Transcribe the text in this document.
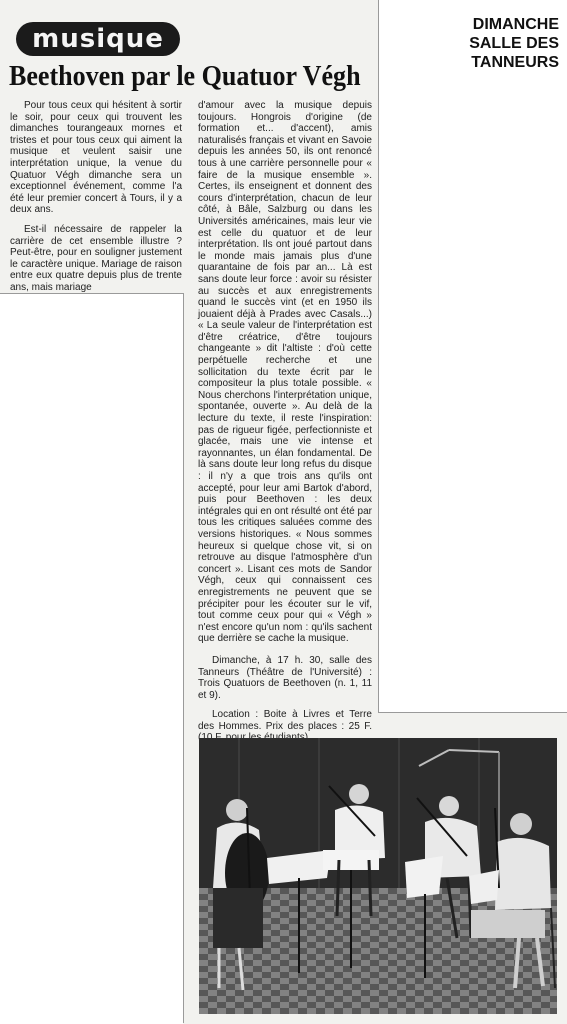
musique	DIMANCHE
SALLE DES TANNEURS
Beethoven par le Quatuor Végh

Pour tous ceux qui hésitent à sortir le soir, pour ceux qui trouvent les dimanches tourangeaux mornes et tristes et pour tous ceux qui aiment la musique et veulent saisir une interprétation unique, la venue du Quatuor Végh dimanche sera un exceptionnel événement, comme l'a été leur premier concert à Tours, il y a deux ans.

Est-il nécessaire de rappeler la carrière de cet ensemble illustre ? Peut-être, pour en souligner justement le caractère unique. Mariage de raison entre eux quatre depuis plus de trente ans, mais mariage

d'amour avec la musique depuis toujours. Hongrois d'origine (de formation et... d'accent), amis naturalisés français et vivant en Savoie depuis les années 50, ils ont renoncé tous à une carrière personnelle pour « faire de la musique ensemble ». Certes, ils enseignent et donnent des cours d'interprétation, chacun de leur côté, à Bâle, Salzburg ou dans les Universités américaines, mais leur vie est celle du quatuor et de leur interprétation. Ils ont joué partout dans le monde mais jamais plus d'une quarantaine de fois par an... Là est sans doute leur force : avoir su résister au succès et aux enregistrements quand le succès vint (et en 1950 ils jouaient déjà à Prades avec Casals...) « La seule valeur de l'interprétation est d'être créatrice, d'être toujours changeante » dit l'altiste : d'où cette perpétuelle recherche et une sollicitation du texte écrit par le compositeur la plus totale possible. « Nous cherchons l'interprétation unique, spontanée, ouverte ». Au delà de la lecture du texte, il reste l'inspiration: pas de rigueur figée, perfectionniste et glacée, mais une vie intense et rayonnantes, un élan fondamental. De là sans doute leur long refus du disque : il n'y a que trois ans qu'ils ont accepté, pour leur ami Bartok d'abord, puis pour Beethoven : les deux intégrales qui en ont résulté ont été par tous les critiques saluées comme des versions historiques. « Nous sommes heureux si quelque chose vit, si on retrouve au disque l'atmosphère d'un concert ». Lisant ces mots de Sandor Végh, ceux qui connaissent ces enregistrements ne peuvent que se précipiter pour les écouter sur le vif, tout comme ceux pour qui « Végh » n'est encore qu'un nom : qu'ils sachent que derrière se cache la musique.

Dimanche, à 17 h. 30, salle des Tanneurs (Théâtre de l'Université) : Trois Quatuors de Beethoven (n. 1, 11 et 9).

Location : Boite à Livres et Terre des Hommes. Prix des places : 25 F.
